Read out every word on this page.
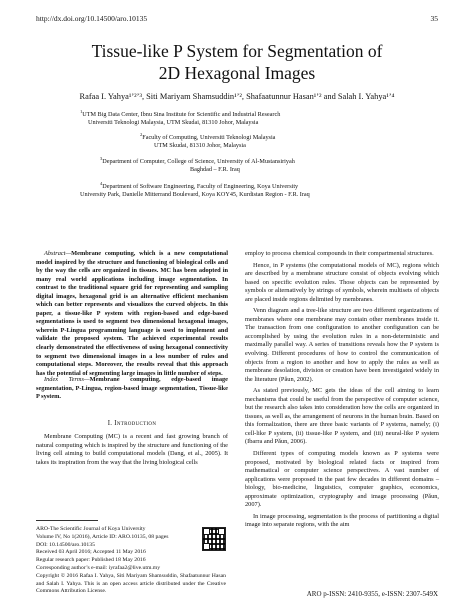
http://dx.doi.org/10.14500/aro.10135	35
Tissue-like P System for Segmentation of
2D Hexagonal Images
Rafaa I. Yahya¹ʼ²ʼ³, Siti Mariyam Shamsuddin¹ʼ², Shafaatunnur Hasan¹ʼ² and Salah I. Yahya¹ʼ⁴
$^1$UTM Big Data Center, Ibnu Sina Institute for Scientific and Industrial Research
Universiti Teknologi Malaysia, UTM Skudai, 81310 Johor, Malaysia
$^2$Faculty of Computing, Universiti Teknologi Malaysia
UTM Skudai, 81310 Johor, Malaysia
$^3$Department of Computer, College of Science, University of Al-Mustansiriyah
Baghdad – F.R. Iraq
$^4$Department of Software Engineering, Faculty of Engineering, Koya University
University Park, Danielle Mitterrand Boulevard, Koya KOY45, Kurdistan Region - F.R. Iraq
Abstract—Membrane computing, which is a new computational model inspired by the structure and functioning of biological cells and by the way the cells are organized in tissues. MC has been adopted in many real world applications including image segmentation. In contrast to the traditional square grid for representing and sampling digital images, hexagonal grid is an alternative efficient mechanism which can better represents and visualizes the curved objects. In this paper, a tissue-like P system with region-based and edge-based segmentations is used to segment two dimensional hexagonal images, wherein P-Lingua programming language is used to implement and validate the proposed system. The achieved experimental results clearly demonstrated the effectiveness of using hexagonal connectivity to segment two dimensional images in a less number of rules and computational steps. Moreover, the results reveal that this approach has the potential of segmenting large images in little number of steps.
Index Terms—Membrane computing, edge-based image segmentation, P-Lingua, region-based image segmentation, Tissue-like P system.
I. Introduction
Membrane Computing (MC) is a recent and fast growing branch of natural computing which is inspired by the structure and functioning of the living cell aiming to build computational models (Dang, et al., 2005). It takes its inspiration from the way that the living biological cells
ARO-The Scientific Journal of Koya University
Volume IV, No 1(2016), Article ID: ARO.10135, 08 pages
DOI: 10.14500/aro.10135
Received 03 April 2016; Accepted 11 May 2016
Regular research paper: Published 18 May 2016
Corresponding author’s e-mail: iyrafaa2@live.utm.my
Copyright © 2016 Rafaa I. Yahya, Siti Mariyam Shamsuddin, Shafaatunnur Hasan and Salah I. Yahya. This is an open access article distributed under the Creative Commons Attribution License.

employ to process chemical compounds in their compartmental structures.

Hence, in P systems (the computational models of MC), regions which are described by a membrane structure consist of objects evolving which based on specific evolution rules. Those objects can be represented by symbols or alternatively by strings of symbols, wherein multisets of objects are placed inside regions delimited by membranes.

Venn diagram and a tree-like structure are two different organizations of membranes where one membrane may contain other membranes inside it. The transaction from one configuration to another configuration can be accomplished by using the evolution rules in a non-deterministic and maximally parallel way. A series of transitions reveals how the P system is evolving. Different procedures of how to control the communication of objects from a region to another and how to apply the rules as well as membrane desolation, division or creation have been investigated widely in the literature (Păun, 2002).

As stated previously, MC gets the ideas of the cell aiming to learn mechanisms that could be useful from the perspective of computer science, but the research also takes into consideration how the cells are organized in tissues, as well as, the arrangement of neurons in the human brain. Based on this formalization, there are three basic variants of P systems, namely; (i) cell-like P system, (ii) tissue-like P system, and (iii) neural-like P system (Ibarra and Păun, 2006).

Different types of computing models known as P systems were proposed, motivated by biological related facts or inspired from mathematical or computer science perspectives. A vast number of applications were proposed in the past few decades in different domains – biology, bio-medicine, linguistics, computer graphics, economics, approximate optimization, cryptography and image processing (Păun, 2007).

In image processing, segmentation is the process of partitioning a digital image into separate regions, with the aim

ARO p-ISSN: 2410-9355, e-ISSN: 2307-549X
